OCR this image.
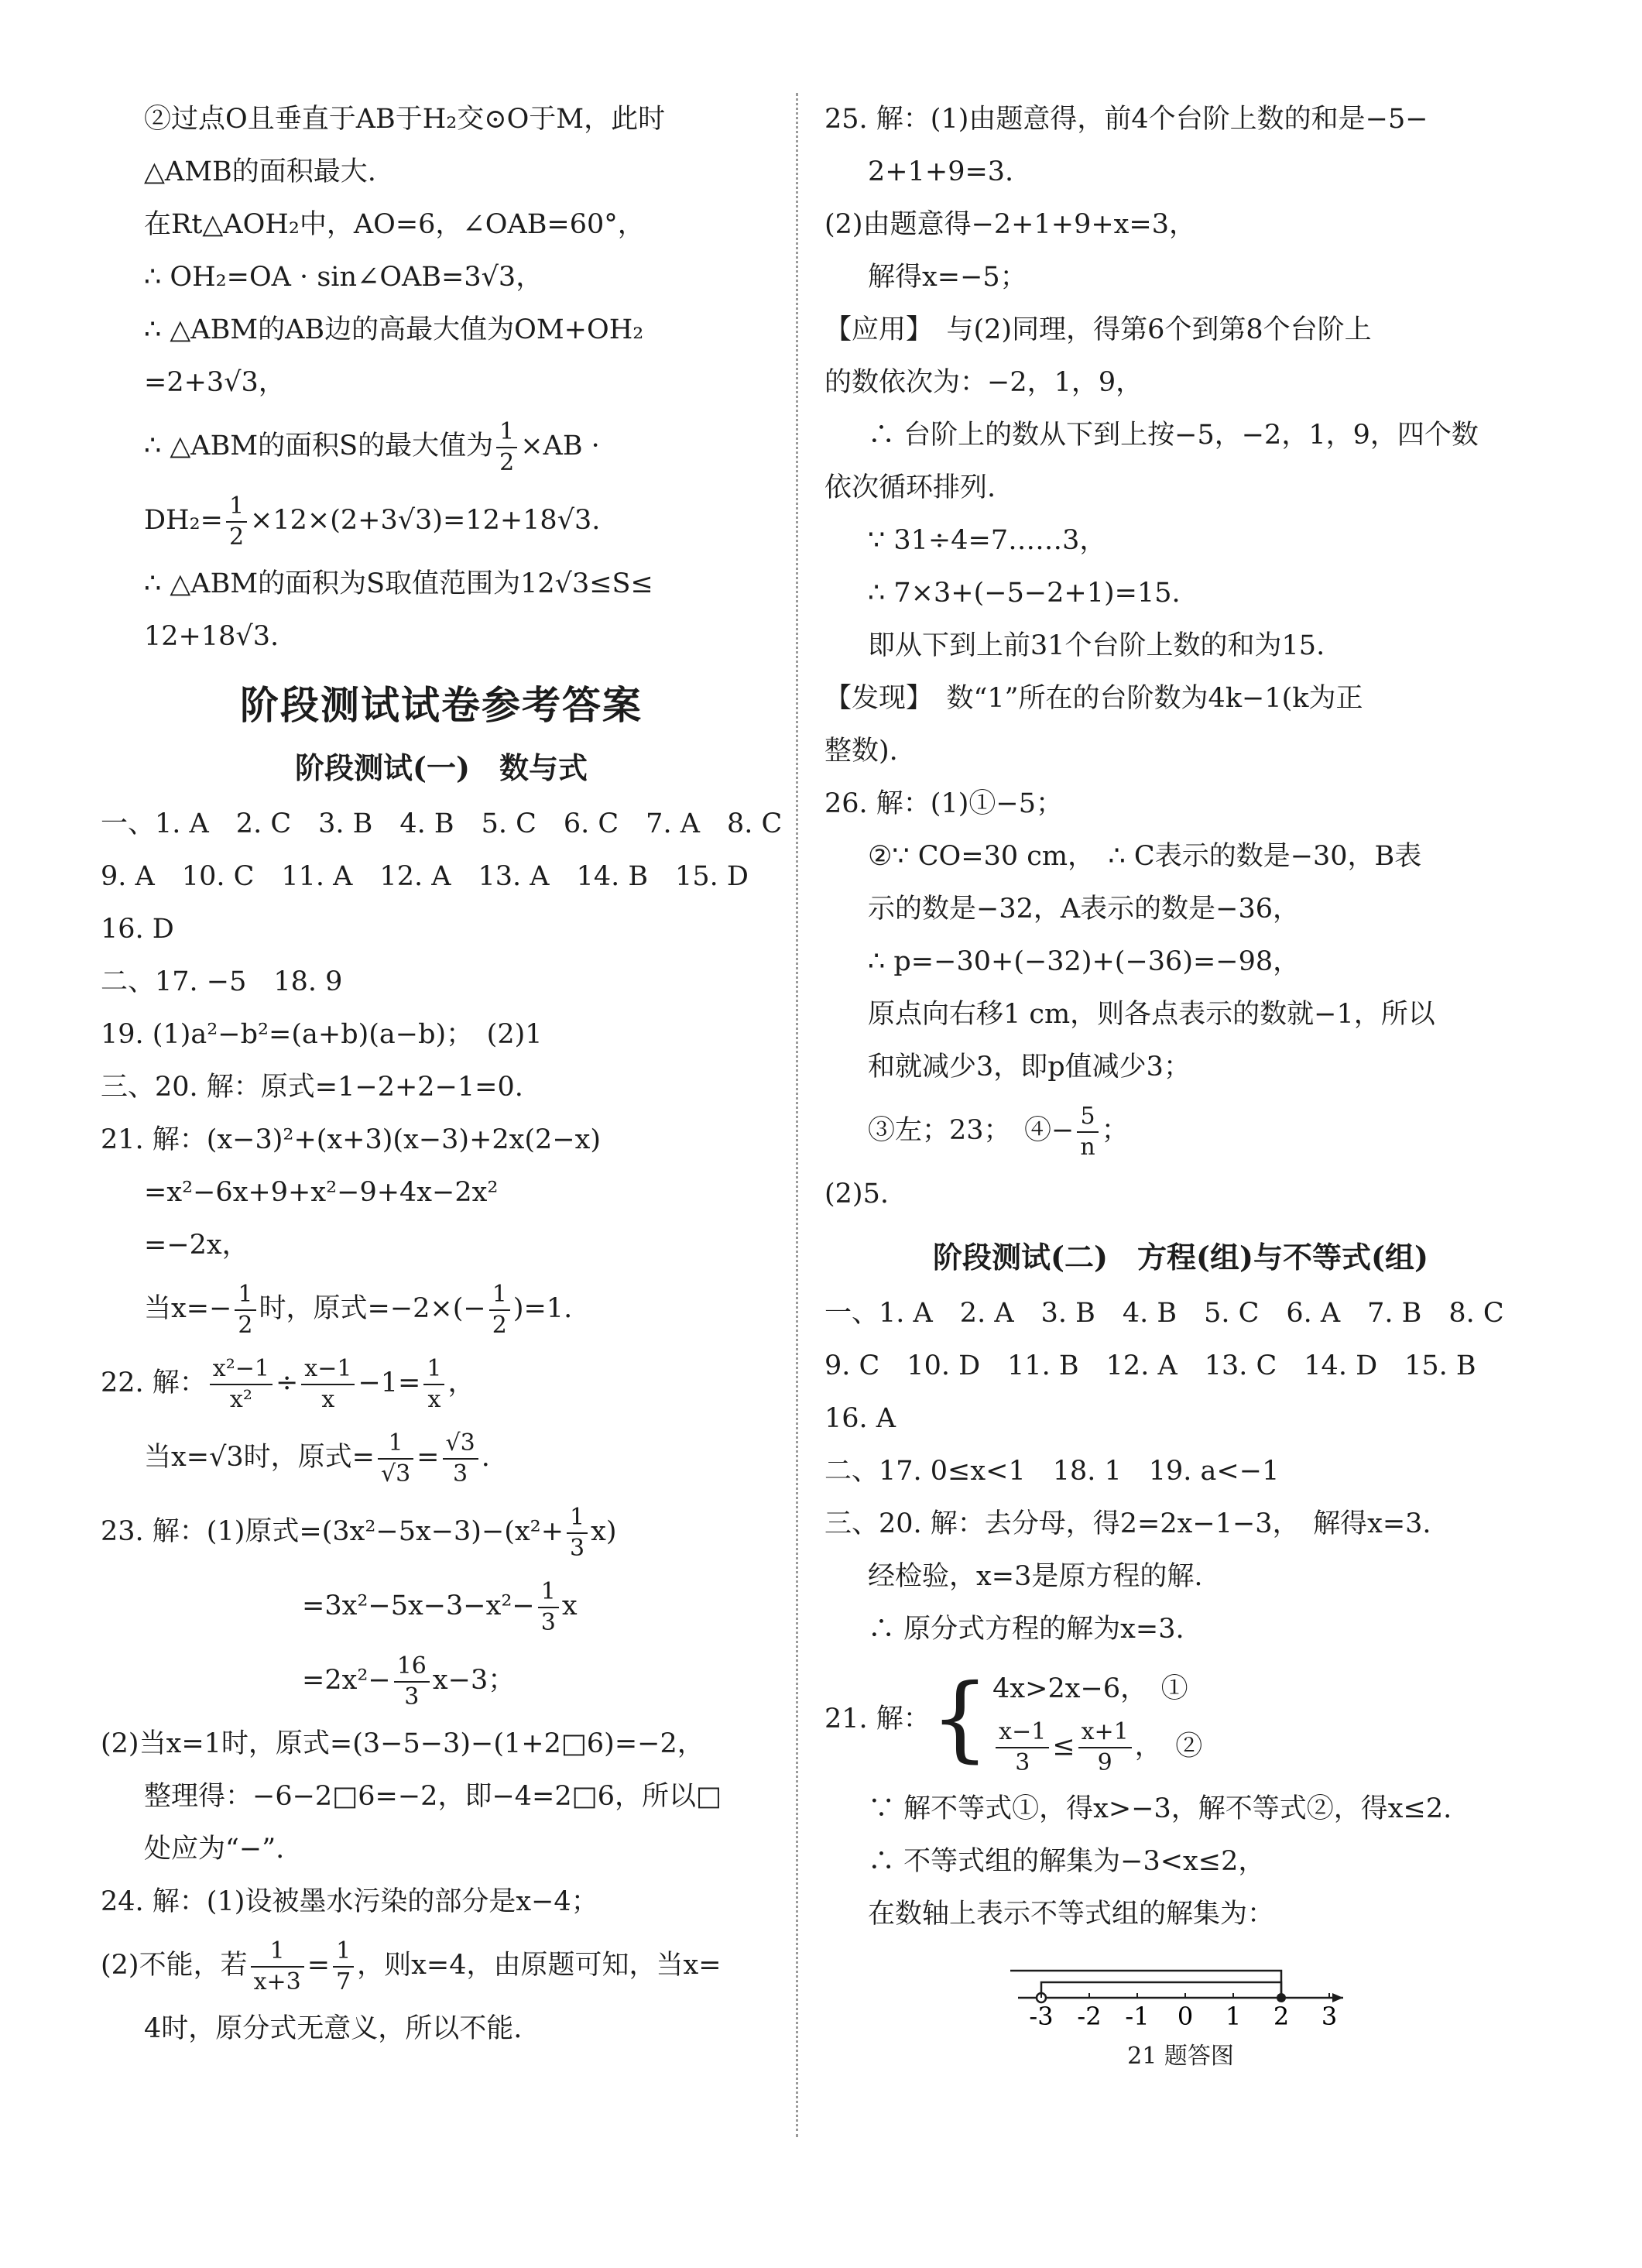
②过点O且垂直于AB于H₂交⊙O于M，此时
△AMB的面积最大.
在Rt△AOH₂中，AO=6，∠OAB=60°，
∴ OH₂=OA · sin∠OAB=3√3，
∴ △ABM的AB边的高最大值为OM+OH₂
=2+3√3，
∴ △ABM的面积S的最大值为 $\frac{1}{2} \times AB$ ·
$DH_2= \frac{1}{2} \times 12\times(2+3√3)=12+18√3$.
∴ △ABM的面积为S取值范围为12√3≤S≤
12+18√3.
阶段测试试卷参考答案
阶段测试(一)　数与式
一、1. A　2. C　3. B　4. B　5. C　6. C　7. A　8. C
9. A　10. C　11. A　12. A　13. A　14. B　15. D
16. D
二、17. −5　18. 9
19. (1)a²−b²=(a+b)(a−b)；　(2)1
三、20. 解：原式=1−2+2−1=0.
21. 解：(x−3)²+(x+3)(x−3)+2x(2−x)
=x²−6x+9+x²−9+4x−2x²
=−2x，
当$x=- \frac{1}{2}$ 时，原式$=-2\times(- \frac{1}{2} )=1$.
22. 解： $\frac{\text{x²−1}}{\text{x²}} \div \frac{x-1}{x} -1= \frac{1}{x}$ ，
当x=√3时，原式= $\frac{1}{√3} = \frac{√3}{3}$ .
23. 解：(1)原式$=(3x^2-5x-3)-(x^2+ \frac{1}{3} x)$
$=3x^2-5x-3-x^2- \frac{1}{3}$ x
$=2x^2- \frac{16}{3} x-3$；
(2)当x=1时，原式=(3−5−3)−(1+2□6)=−2，
整理得：−6−2□6=−2，即−4=2□6，所以□
处应为“−”.
24. 解：(1)设被墨水污染的部分是x−4；
(2)不能，若 $\frac{1}{x+3} = \frac{1}{7}$ ，则x=4，由原题可知，当x=
4时，原分式无意义，所以不能.
25. 解：(1)由题意得，前4个台阶上数的和是−5−
2+1+9=3.
(2)由题意得−2+1+9+x=3，
解得x=−5；
【应用】　与(2)同理，得第6个到第8个台阶上
的数依次为：−2，1，9，
∴ 台阶上的数从下到上按−5，−2，1，9，四个数
依次循环排列.
∵ 31÷4=7……3，
∴ 7×3+(−5−2+1)=15.
即从下到上前31个台阶上数的和为15.
【发现】　数“1”所在的台阶数为4k−1(k为正
整数).
26. 解：(1)①−5；
②∵ CO=30 cm，　∴ C表示的数是−30，B表
示的数是−32，A表示的数是−36，
∴ p=−30+(−32)+(−36)=−98，
原点向右移1 cm，则各点表示的数就−1，所以
和就减少3，即p值减少3；
③左；23；　④− $\frac{5}{n}$ ；
(2)5.
阶段测试(二)　方程(组)与不等式(组)
一、1. A　2. A　3. B　4. B　5. C　6. A　7. B　8. C
9. C　10. D　11. B　12. A　13. C　14. D　15. B
16. A
二、17. 0≤x<1　18. 1　19. a<−1
三、20. 解：去分母，得2=2x−1−3，　解得x=3.
经检验，x=3是原方程的解.
∴ 原分式方程的解为x=3.
21. 解： { 4x>2x−6，　①
$\frac{x-1}{3} \le \frac{x+1}{9}$ ，　②
∵ 解不等式①，得x>−3，解不等式②，得x≤2.
∴ 不等式组的解集为−3<x≤2，
在数轴上表示不等式组的解集为：
-3 -2 -1 0 1 2 3
21 题答图
